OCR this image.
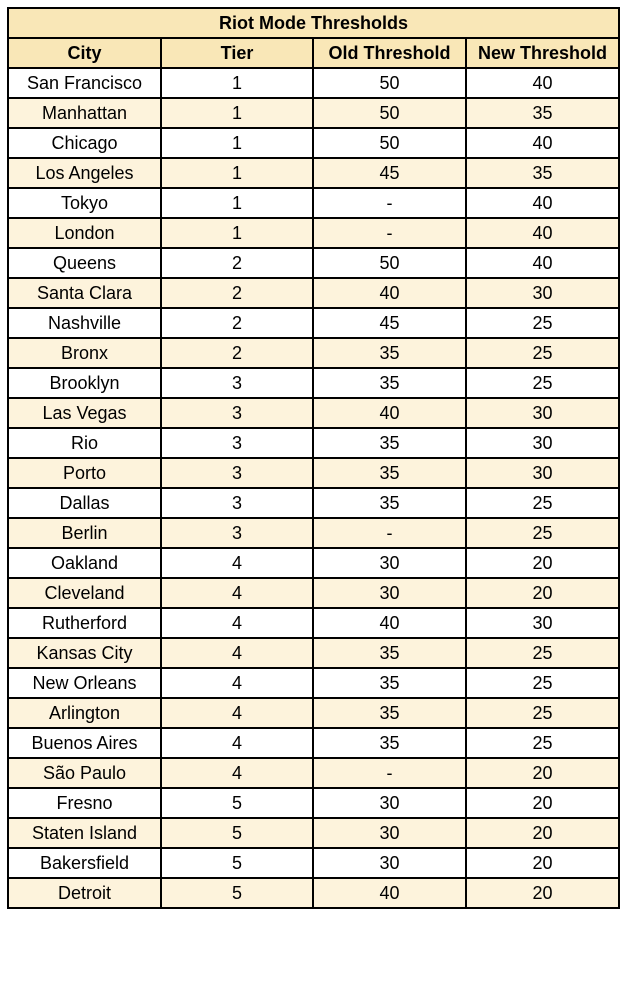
Riot Mode Thresholds			
City	Tier	Old Threshold	New Threshold
San Francisco	1	50	40
Manhattan	1	50	35
Chicago	1	50	40
Los Angeles	1	45	35
Tokyo	1	-	40
London	1	-	40
Queens	2	50	40
Santa Clara	2	40	30
Nashville	2	45	25
Bronx	2	35	25
Brooklyn	3	35	25
Las Vegas	3	40	30
Rio	3	35	30
Porto	3	35	30
Dallas	3	35	25
Berlin	3	-	25
Oakland	4	30	20
Cleveland	4	30	20
Rutherford	4	40	30
Kansas City	4	35	25
New Orleans	4	35	25
Arlington	4	35	25
Buenos Aires	4	35	25
São Paulo	4	-	20
Fresno	5	30	20
Staten Island	5	30	20
Bakersfield	5	30	20
Detroit	5	40	20
